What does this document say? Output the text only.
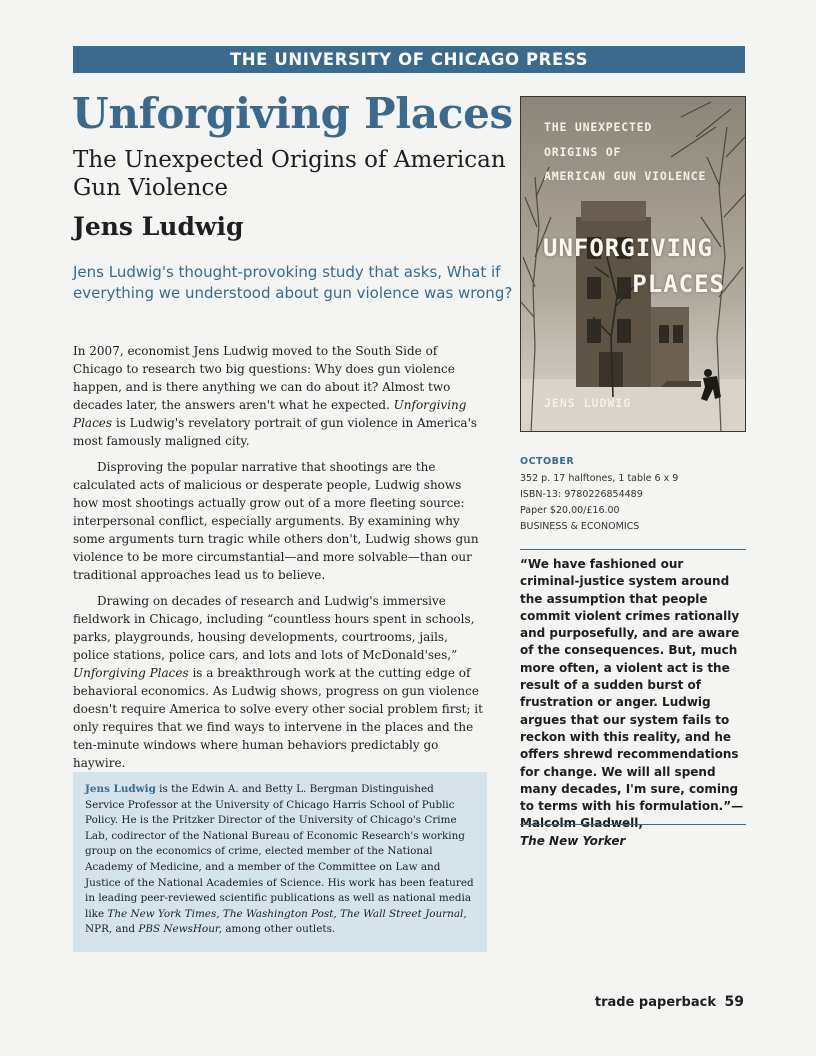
THE UNIVERSITY OF CHICAGO PRESS
Unforgiving Places
The Unexpected Origins of American Gun Violence
Jens Ludwig
Jens Ludwig's thought-provoking study that asks, What if everything we understood about gun violence was wrong?

In 2007, economist Jens Ludwig moved to the South Side of Chicago to research two big questions: Why does gun violence happen, and is there anything we can do about it? Almost two decades later, the answers aren't what he expected. Unforgiving Places is Ludwig's revelatory portrait of gun violence in America's most famously maligned city.

Disproving the popular narrative that shootings are the calculated acts of malicious or desperate people, Ludwig shows how most shootings actually grow out of a more fleeting source: interpersonal conflict, especially arguments. By examining why some arguments turn tragic while others don't, Ludwig shows gun violence to be more circumstantial—and more solvable—than our traditional approaches lead us to believe.

Drawing on decades of research and Ludwig's immersive fieldwork in Chicago, including “countless hours spent in schools, parks, playgrounds, housing developments, courtrooms, jails, police stations, police cars, and lots and lots of McDonald'ses,” Unforgiving Places is a breakthrough work at the cutting edge of behavioral economics. As Ludwig shows, progress on gun violence doesn't require America to solve every other social problem first; it only requires that we find ways to intervene in the places and the ten-minute windows where human behaviors predictably go haywire.

Jens Ludwig is the Edwin A. and Betty L. Bergman Distinguished Service Professor at the University of Chicago Harris School of Public Policy. He is the Pritzker Director of the University of Chicago's Crime Lab, codirector of the National Bureau of Economic Research's working group on the economics of crime, elected member of the National Academy of Medicine, and a member of the Committee on Law and Justice of the National Academies of Science. His work has been featured in leading peer-reviewed scientific publications as well as national media like The New York Times, The Washington Post, The Wall Street Journal, NPR, and PBS NewsHour, among other outlets.
THE UNEXPECTED
ORIGINS OF
AMERICAN GUN VIOLENCE
UNFORGIVING
PLACES
JENS LUDWIG
OCTOBER
352 p. 17 halftones, 1 table 6 x 9
ISBN-13: 9780226854489
Paper $20.00/£16.00
BUSINESS & ECONOMICS
“We have fashioned our criminal-justice system around the assumption that people commit violent crimes rationally and purposefully, and are aware of the consequences. But, much more often, a violent act is the result of a sudden burst of frustration or anger. Ludwig argues that our system fails to reckon with this reality, and he offers shrewd recommendations for change. We will all spend many decades, I'm sure, coming to terms with his formulation.”—Malcolm Gladwell,
The New Yorker
trade paperback 59
